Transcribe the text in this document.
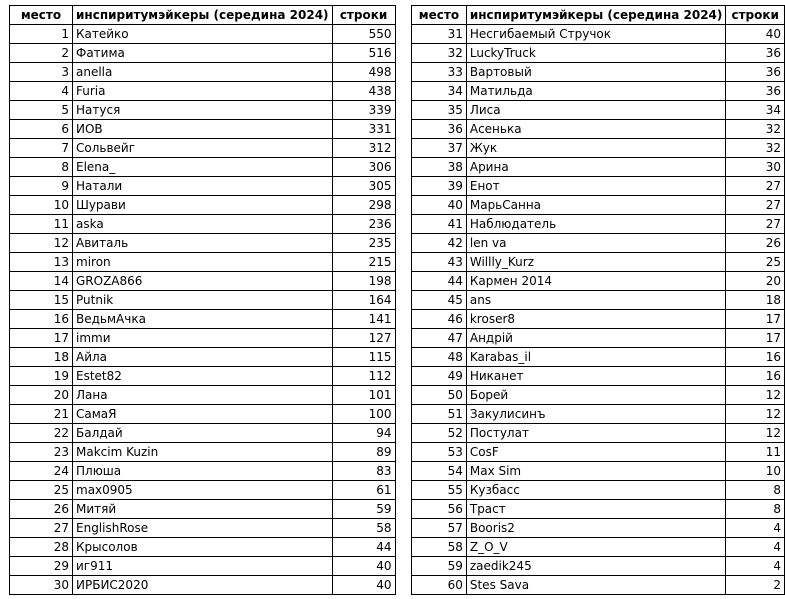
место	инспиритумэйкеры (середина 2024)	строки
1	Катейко	550
2	Фатима	516
3	anella	498
4	Furia	438
5	Натуся	339
6	ИОВ	331
7	Сольвейг	312
8	Elena_	306
9	Натали	305
10	Шурави	298
11	aska	236
12	Авиталь	235
13	miron	215
14	GROZA866	198
15	Putnik	164
16	ВедьмАчка	141
17	immи	127
18	Айла	115
19	Estet82	112
20	Лана	101
21	СамаЯ	100
22	Балдай	94
23	Makcim Kuzin	89
24	Плюша	83
25	max0905	61
26	Митяй	59
27	EnglishRose	58
28	Крысолов	44
29	иг911	40
30	ИРБИС2020	40
место	инспиритумэйкеры (середина 2024)	строки
31	Несгибаемый Стручок	40
32	LuckyTruck	36
33	Вартовый	36
34	Матильда	36
35	Лиса	34
36	Асенька	32
37	Жук	32
38	Арина	30
39	Енот	27
40	МарьСанна	27
41	Наблюдатель	27
42	len va	26
43	Willly_Kurz	25
44	Кармен 2014	20
45	ans	18
46	kroser8	17
47	Андрій	17
48	Karabas_il	16
49	Никанет	16
50	Борей	12
51	Закулисинъ	12
52	Постулат	12
53	CosF	11
54	Max Sim	10
55	Кузбасс	8
56	Траст	8
57	Booris2	4
58	Z_O_V	4
59	zaedik245	4
60	Stes Sava	2
